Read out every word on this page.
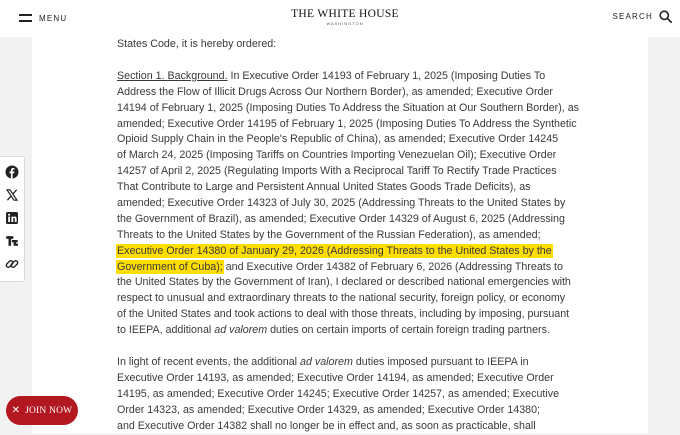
MENU	THE WHITE HOUSE
WASHINGTON
SEARCH

States Code, it is hereby ordered:

Section 1. Background. In Executive Order 14193 of February 1, 2025 (Imposing Duties To
Address the Flow of Illicit Drugs Across Our Northern Border), as amended; Executive Order
14194 of February 1, 2025 (Imposing Duties To Address the Situation at Our Southern Border), as
amended; Executive Order 14195 of February 1, 2025 (Imposing Duties To Address the Synthetic
Opioid Supply Chain in the People's Republic of China), as amended; Executive Order 14245
of March 24, 2025 (Imposing Tariffs on Countries Importing Venezuelan Oil); Executive Order
14257 of April 2, 2025 (Regulating Imports With a Reciprocal Tariff To Rectify Trade Practices
That Contribute to Large and Persistent Annual United States Goods Trade Deficits), as
amended; Executive Order 14323 of July 30, 2025 (Addressing Threats to the United States by
the Government of Brazil), as amended; Executive Order 14329 of August 6, 2025 (Addressing
Threats to the United States by the Government of the Russian Federation), as amended;
Executive Order 14380 of January 29, 2026 (Addressing Threats to the United States by the
Government of Cuba); and Executive Order 14382 of February 6, 2026 (Addressing Threats to
the United States by the Government of Iran), I declared or described national emergencies with
respect to unusual and extraordinary threats to the national security, foreign policy, or economy
of the United States and took actions to deal with those threats, including by imposing, pursuant
to IEEPA, additional ad valorem duties on certain imports of certain foreign trading partners.

In light of recent events, the additional ad valorem duties imposed pursuant to IEEPA in
Executive Order 14193, as amended; Executive Order 14194, as amended; Executive Order
14195, as amended; Executive Order 14245; Executive Order 14257, as amended; Executive
Order 14323, as amended; Executive Order 14329, as amended; Executive Order 14380;
and Executive Order 14382 shall no longer be in effect and, as soon as practicable, shall

✕ JOIN NOW
